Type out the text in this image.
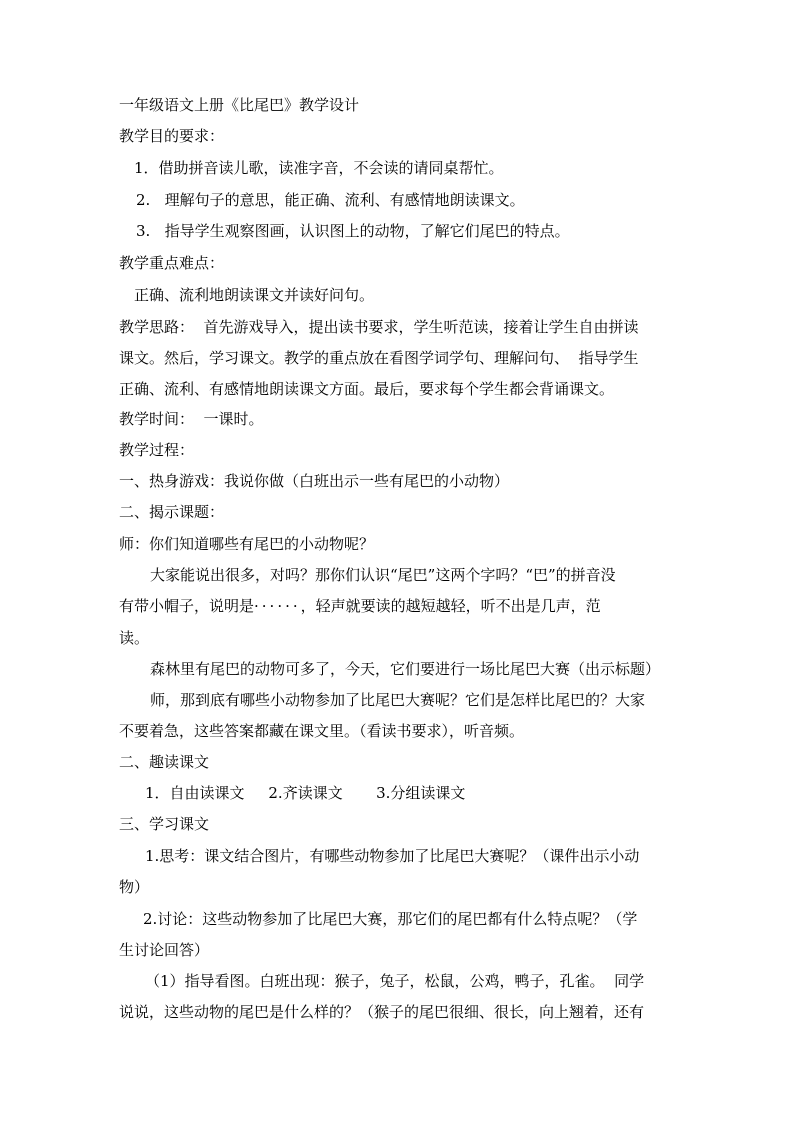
一年级语文上册《比尾巴》教学设计
教学目的要求：
1．借助拼音读儿歌，读准字音，不会读的请同桌帮忙。
2.   理解句子的意思，能正确、流利、有感情地朗读课文。
3.   指导学生观察图画，认识图上的动物，了解它们尾巴的特点。
教学重点难点：
正确、流利地朗读课文并读好问句。
教学思路：  首先游戏导入，提出读书要求，学生听范读，接着让学生自由拼读
课文。然后，学习课文。教学的重点放在看图学词学句、理解问句、  指导学生
正确、流利、有感情地朗读课文方面。最后，要求每个学生都会背诵课文。
教学时间：  一课时。
教学过程：
一、热身游戏：我说你做（白班出示一些有尾巴的小动物）
二、揭示课题：
师：你们知道哪些有尾巴的小动物呢？
大家能说出很多，对吗？那你们认识“尾巴”这两个字吗？“巴”的拼音没
有带小帽子，说明是······，轻声就要读的越短越轻，听不出是几声，范
读。
森林里有尾巴的动物可多了，今天，它们要进行一场比尾巴大赛（出示标题）
师，那到底有哪些小动物参加了比尾巴大赛呢？它们是怎样比尾巴的？大家
不要着急，这些答案都藏在课文里。（看读书要求），听音频。
二、趣读课文
1．自由读课文     2.齐读课文       3.分组读课文
三、学习课文
1.思考：课文结合图片，有哪些动物参加了比尾巴大赛呢？（课件出示小动
物）
2.讨论：这些动物参加了比尾巴大赛，那它们的尾巴都有什么特点呢？（学
生讨论回答）
（1）指导看图。白班出现：猴子，兔子，松鼠，公鸡，鸭子，孔雀。  同学
说说，这些动物的尾巴是什么样的？（猴子的尾巴很细、很长，向上翘着，还有
